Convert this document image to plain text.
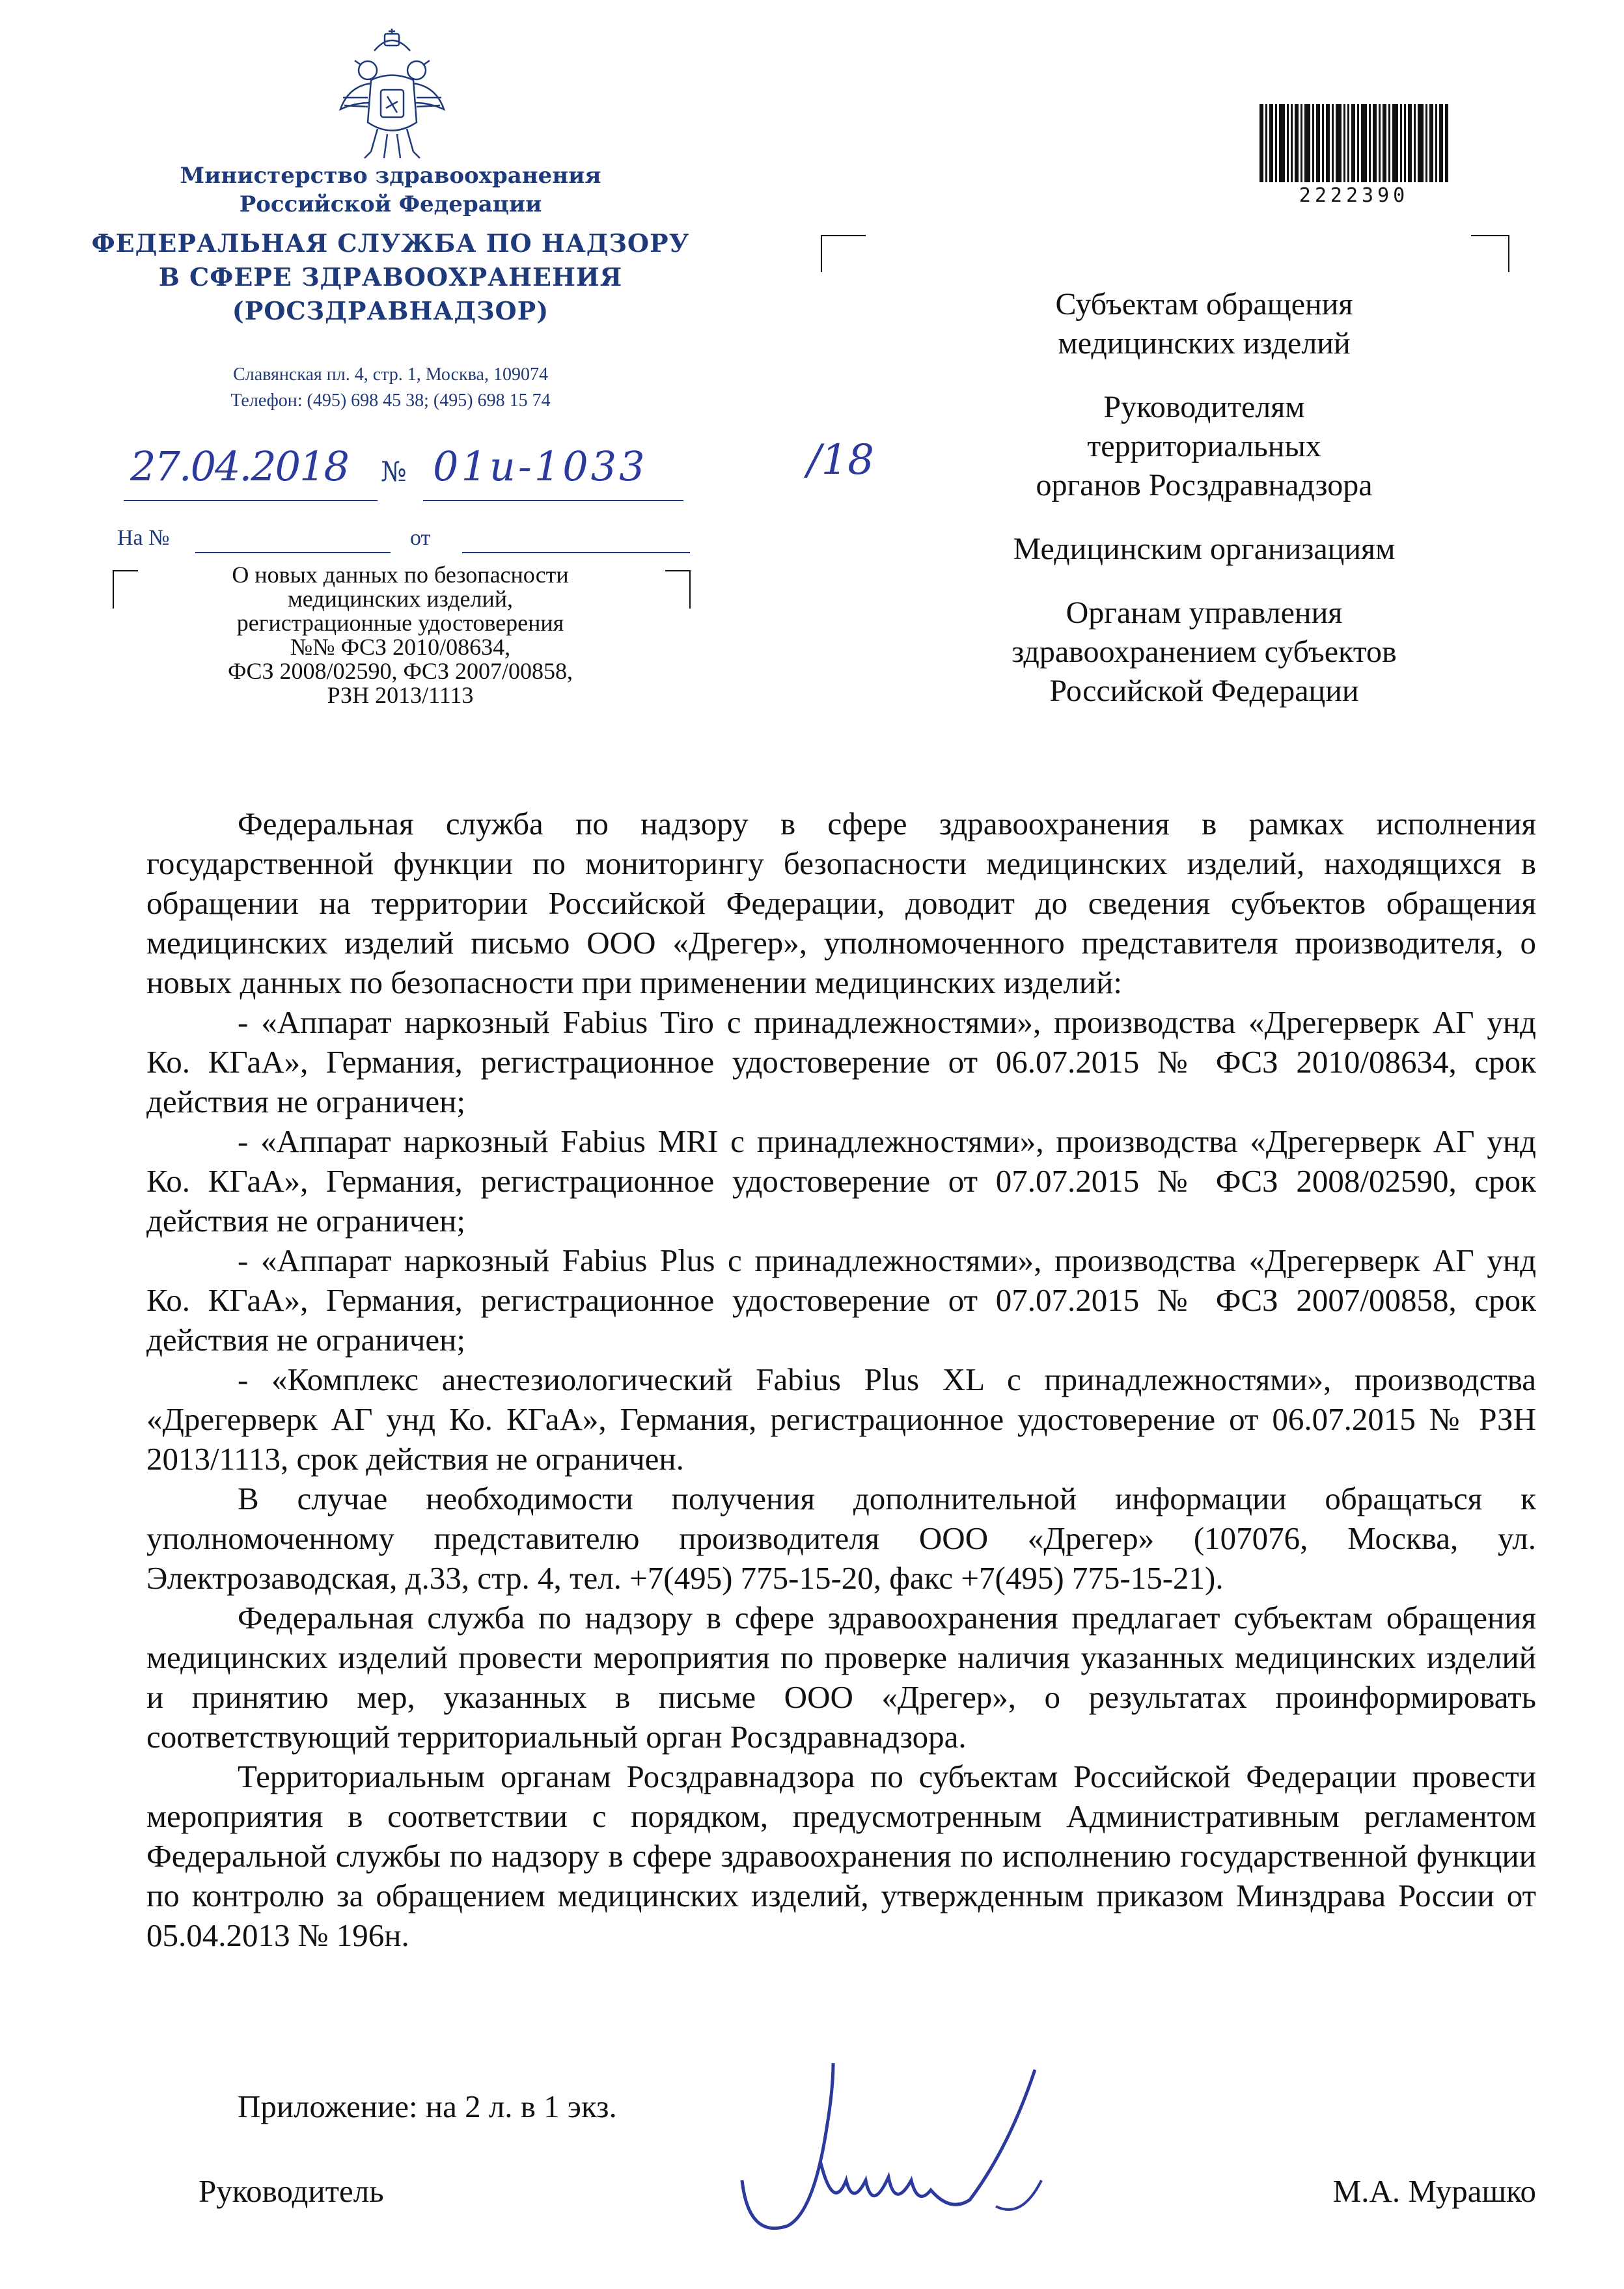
Министерство здравоохранения
Российской Федерации
ФЕДЕРАЛЬНАЯ СЛУЖБА ПО НАДЗОРУ
В СФЕРЕ ЗДРАВООХРАНЕНИЯ
(РОСЗДРАВНАДЗОР)
Славянская пл. 4, стр. 1, Москва, 109074
Телефон: (495) 698 45 38; (495) 698 15 74
27.04.2018 № 01и-1033	/18
На №	от
О новых данных по безопасности
медицинских изделий,
регистрационные удостоверения
№№ ФСЗ 2010/08634,
ФСЗ 2008/02590, ФСЗ 2007/00858,
РЗН 2013/1113
2222390
Субъектам обращения
медицинских изделий
Руководителям
территориальных
органов Росздравнадзора
Медицинским организациям
Органам управления
здравоохранением субъектов
Российской Федерации

Федеральная служба по надзору в сфере здравоохранения в рамках исполнения государственной функции по мониторингу безопасности медицинских изделий, находящихся в обращении на территории Российской Федерации, доводит до сведения субъектов обращения медицинских изделий письмо ООО «Дрегер», уполномоченного представителя производителя, о новых данных по безопасности при применении медицинских изделий:

- «Аппарат наркозный Fabius Tiro с принадлежностями», производства «Дрегерверк АГ унд Ко. КГаА», Германия, регистрационное удостоверение от 06.07.2015 № ФСЗ 2010/08634, срок действия не ограничен;

- «Аппарат наркозный Fabius MRI с принадлежностями», производства «Дрегерверк АГ унд Ко. КГаА», Германия, регистрационное удостоверение от 07.07.2015 № ФСЗ 2008/02590, срок действия не ограничен;

- «Аппарат наркозный Fabius Plus с принадлежностями», производства «Дрегерверк АГ унд Ко. КГаА», Германия, регистрационное удостоверение от 07.07.2015 № ФСЗ 2007/00858, срок действия не ограничен;

- «Комплекс анестезиологический Fabius Plus XL с принадлежностями», производства «Дрегерверк АГ унд Ко. КГаА», Германия, регистрационное удостоверение от 06.07.2015 № РЗН 2013/1113, срок действия не ограничен.

В случае необходимости получения дополнительной информации обращаться к уполномоченному представителю производителя ООО «Дрегер» (107076, Москва, ул. Электрозаводская, д.33, стр. 4, тел. +7(495) 775-15-20, факс +7(495) 775-15-21).

Федеральная служба по надзору в сфере здравоохранения предлагает субъектам обращения медицинских изделий провести мероприятия по проверке наличия указанных медицинских изделий и принятию мер, указанных в письме ООО «Дрегер», о результатах проинформировать соответствующий территориальный орган Росздравнадзора.

Территориальным органам Росздравнадзора по субъектам Российской Федерации провести мероприятия в соответствии с порядком, предусмотренным Административным регламентом Федеральной службы по надзору в сфере здравоохранения по исполнению государственной функции по контролю за обращением медицинских изделий, утвержденным приказом Минздрава России от 05.04.2013 № 196н.

Приложение: на 2 л. в 1 экз.
Руководитель	М.А. Мурашко
